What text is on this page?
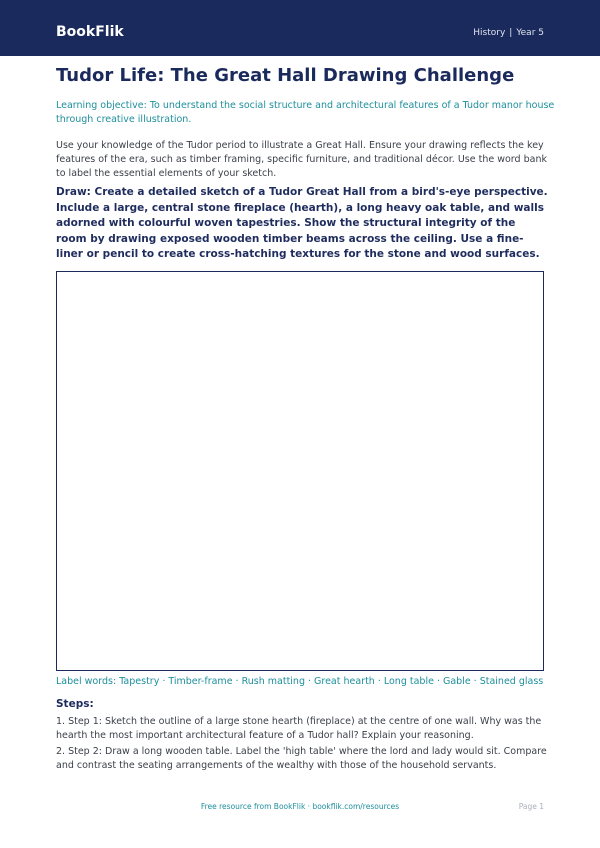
BookFlik	History | Year 5
Tudor Life: The Great Hall Drawing Challenge

Learning objective: To understand the social structure and architectural features of a Tudor manor house through creative illustration.

Use your knowledge of the Tudor period to illustrate a Great Hall. Ensure your drawing reflects the key features of the era, such as timber framing, specific furniture, and traditional décor. Use the word bank to label the essential elements of your sketch.

Draw: Create a detailed sketch of a Tudor Great Hall from a bird's-eye perspective. Include a large, central stone fireplace (hearth), a long heavy oak table, and walls adorned with colourful woven tapestries. Show the structural integrity of the room by drawing exposed wooden timber beams across the ceiling. Use a fine-liner or pencil to create cross-hatching textures for the stone and wood surfaces.

Label words: Tapestry · Timber-frame · Rush matting · Great hearth · Long table · Gable · Stained glass
Steps:

1. Step 1: Sketch the outline of a large stone hearth (fireplace) at the centre of one wall. Why was the hearth the most important architectural feature of a Tudor hall? Explain your reasoning.

2. Step 2: Draw a long wooden table. Label the 'high table' where the lord and lady would sit. Compare and contrast the seating arrangements of the wealthy with those of the household servants.

Free resource from BookFlik · bookflik.com/resources	Page 1
